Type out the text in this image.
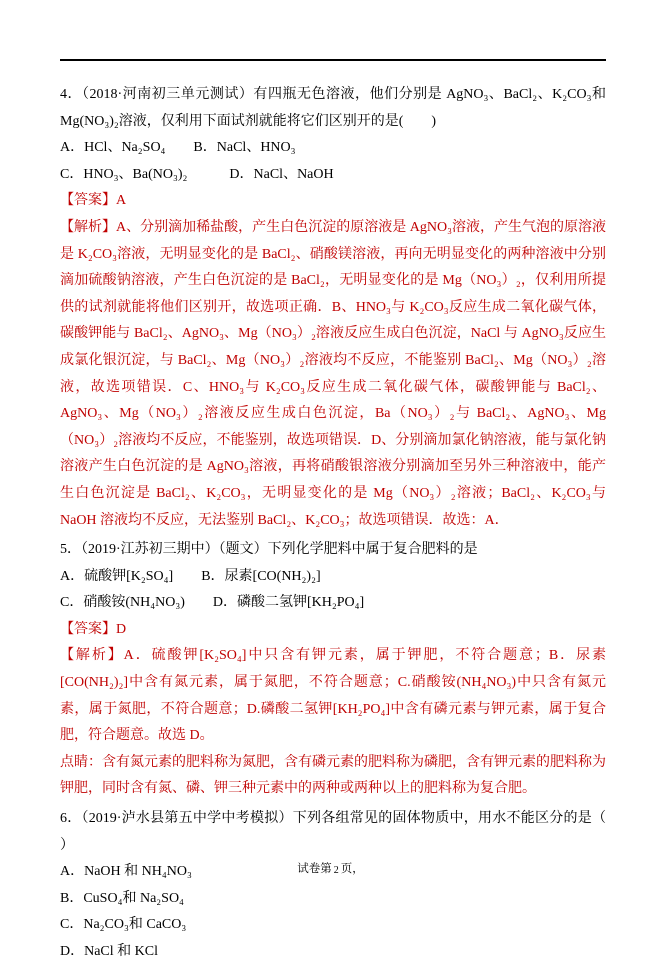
4．（2018·河南初三单元测试）有四瓶无色溶液，他们分别是 AgNO₃、BaCl₂、K₂CO₃和 Mg(NO₃)₂溶液，仅利用下面试剂就能将它们区别开的是(　　)

A．HCl、Na₂SO₄　　B．NaCl、HNO₃

C．HNO₃、Ba(NO₃)₂　　　D．NaCl、NaOH

【答案】A

【解析】A、分别滴加稀盐酸，产生白色沉淀的原溶液是 AgNO₃溶液，产生气泡的原溶液是 K₂CO₃溶液，无明显变化的是 BaCl₂、硝酸镁溶液，再向无明显变化的两种溶液中分别滴加硫酸钠溶液，产生白色沉淀的是 BaCl₂，无明显变化的是 Mg（NO₃）₂，仅利用所提供的试剂就能将他们区别开，故选项正确．B、HNO₃与 K₂CO₃反应生成二氧化碳气体，碳酸钾能与 BaCl₂、AgNO₃、Mg（NO₃）₂溶液反应生成白色沉淀，NaCl 与 AgNO₃反应生成氯化银沉淀，与 BaCl₂、Mg（NO₃）₂溶液均不反应，不能鉴别 BaCl₂、Mg（NO₃）₂溶液，故选项错误．C、HNO₃与 K₂CO₃反应生成二氧化碳气体，碳酸钾能与 BaCl₂、AgNO₃、Mg（NO₃）₂溶液反应生成白色沉淀，Ba（NO₃）₂与 BaCl₂、AgNO₃、Mg（NO₃）₂溶液均不反应，不能鉴别，故选项错误．D、分别滴加氯化钠溶液，能与氯化钠溶液产生白色沉淀的是 AgNO₃溶液，再将硝酸银溶液分别滴加至另外三种溶液中，能产生白色沉淀是 BaCl₂、K₂CO₃，无明显变化的是 Mg（NO₃）₂溶液；BaCl₂、K₂CO₃与 NaOH 溶液均不反应，无法鉴别 BaCl₂、K₂CO₃；故选项错误．故选：A．

5．（2019·江苏初三期中）（题文）下列化学肥料中属于复合肥料的是

A．硫酸钾[K₂SO₄]　　B．尿素[CO(NH₂)₂]

C．硝酸铵(NH₄NO₃)　　D．磷酸二氢钾[KH₂PO₄]

【答案】D

【解析】A．硫酸钾[K₂SO₄]中只含有钾元素，属于钾肥，不符合题意；B．尿素[CO(NH₂)₂]中含有氮元素，属于氮肥，不符合题意；C.硝酸铵(NH₄NO₃)中只含有氮元素，属于氮肥，不符合题意；D.磷酸二氢钾[KH₂PO₄]中含有磷元素与钾元素，属于复合肥，符合题意。故选 D。

点睛：含有氮元素的肥料称为氮肥，含有磷元素的肥料称为磷肥，含有钾元素的肥料称为钾肥，同时含有氮、磷、钾三种元素中的两种或两种以上的肥料称为复合肥。

6．（2019·泸水县第五中学中考模拟）下列各组常见的固体物质中，用水不能区分的是（ ）

A．NaOH 和 NH₄NO₃

B．CuSO₄和 Na₂SO₄

C．Na₂CO₃和 CaCO₃

D．NaCl 和 KCl

试卷第 2 页，
